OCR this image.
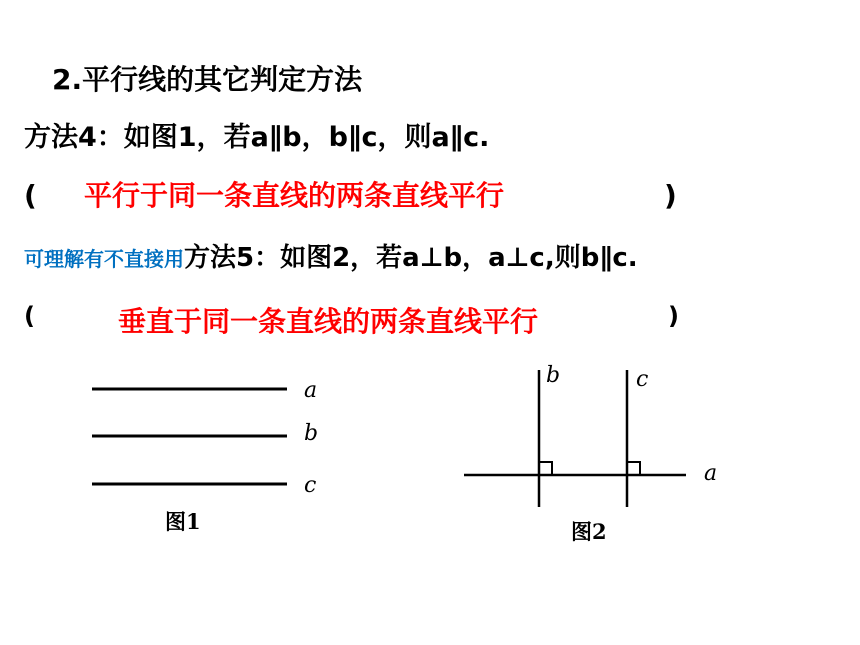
2.平行线的其它判定方法
方法4：如图1，若a∥b，b∥c，则a∥c.
( 平行于同一条直线的两条直线平行	)
可理解有不直接用方法5：如图2，若a⊥b，a⊥c,则b∥c.
(	垂直于同一条直线的两条直线平行	)
a
b
c
图1
b	c
a
图2
